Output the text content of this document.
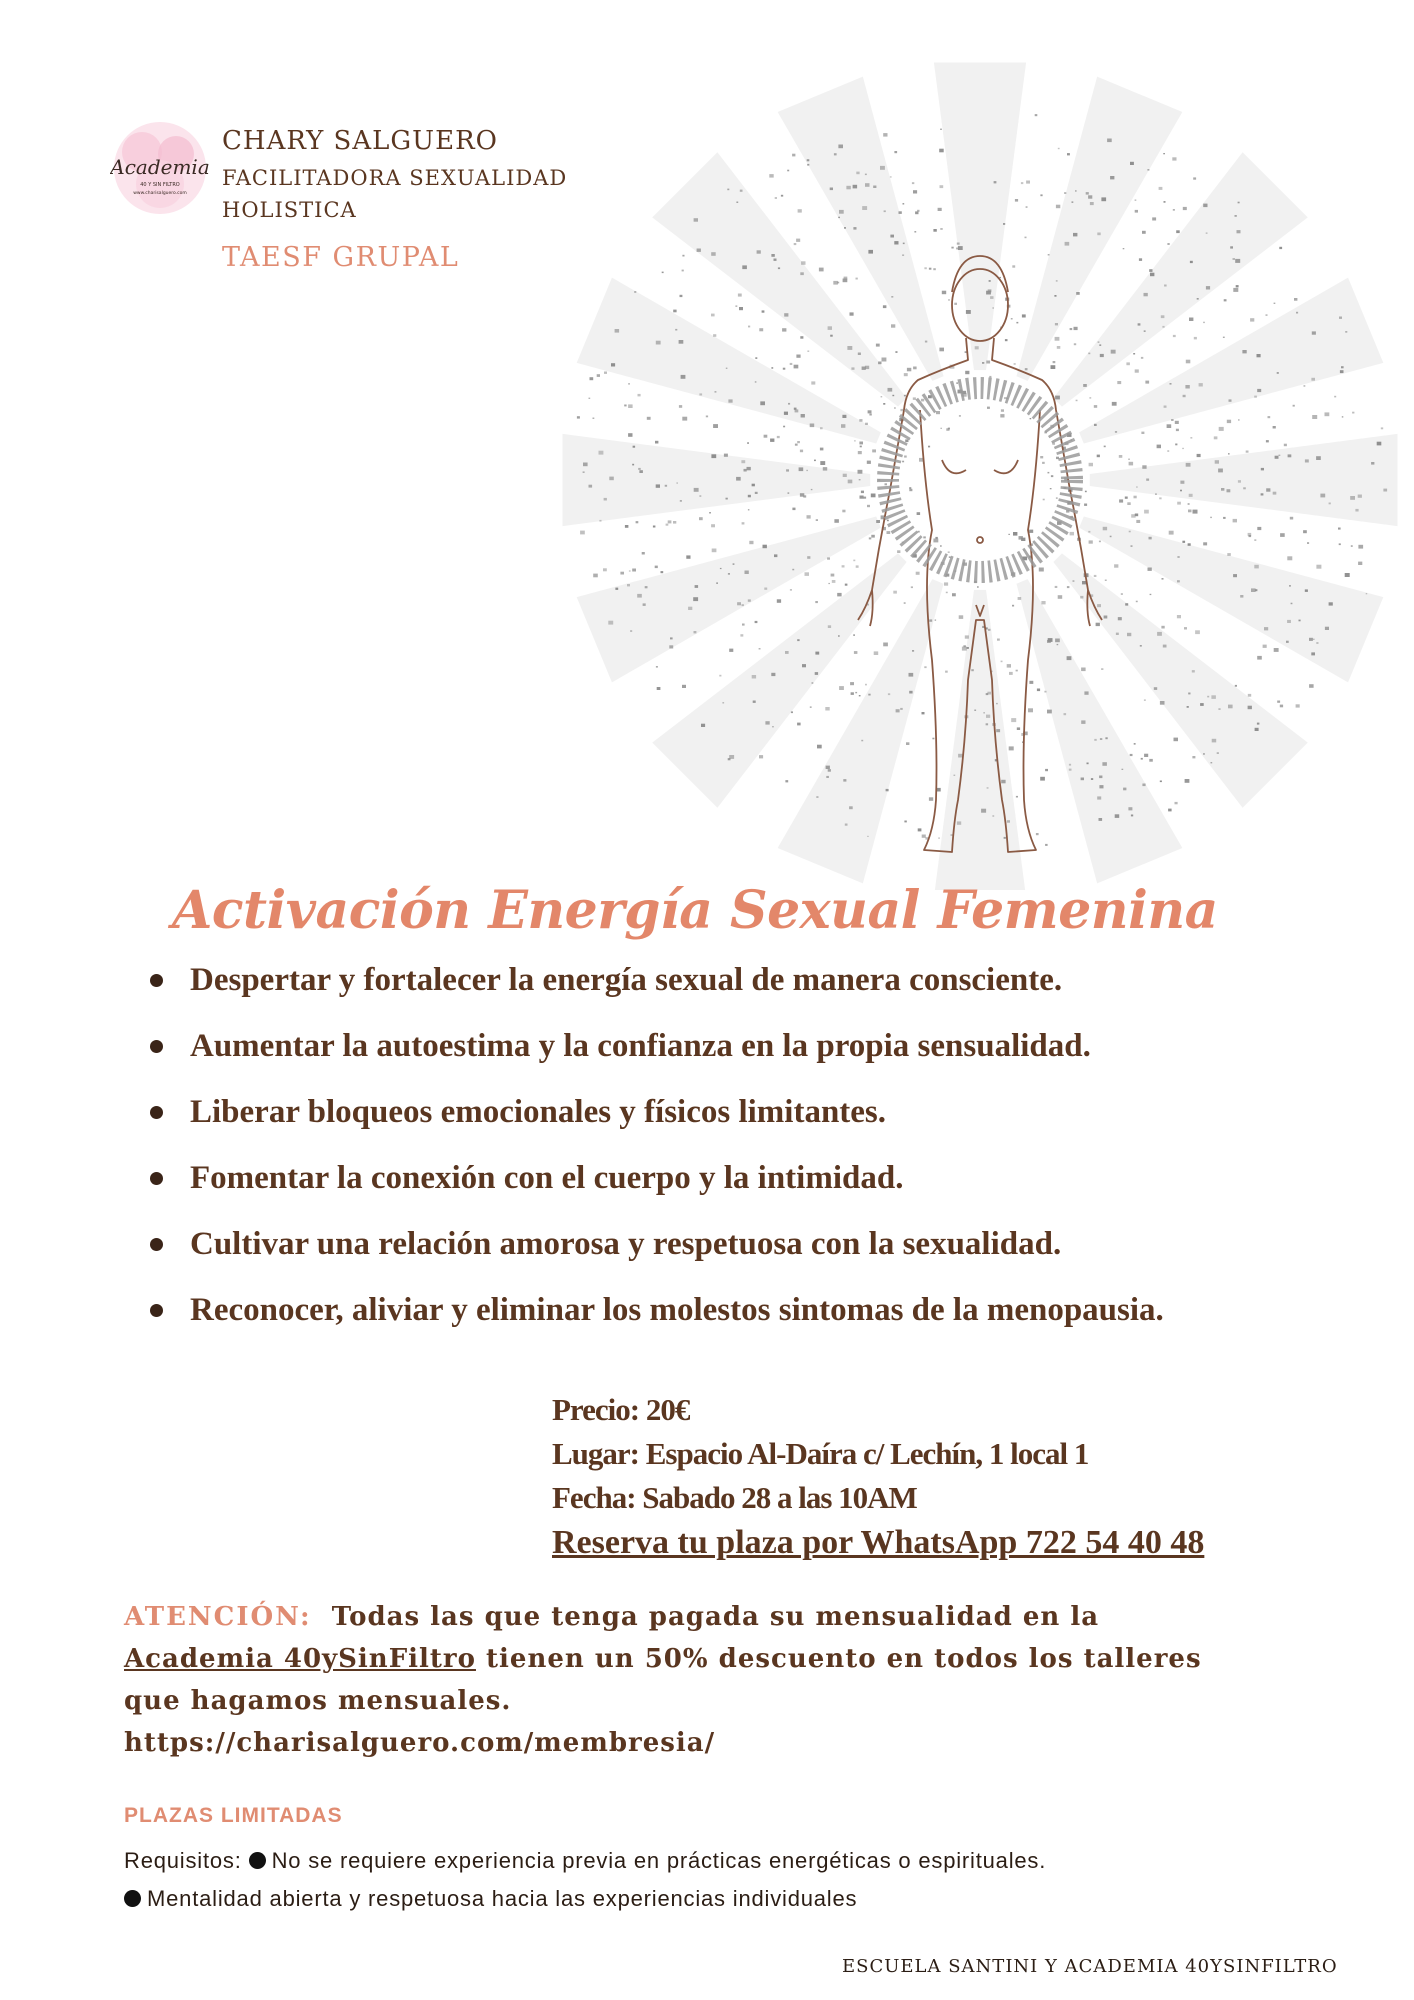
Academia
40 Y SIN FILTRO
www.charisalguero.com
CHARY SALGUERO
FACILITADORA SEXUALIDAD
HOLISTICA
TAESF GRUPAL
Activación Energía Sexual Femenina
Despertar y fortalecer la energía sexual de manera consciente.
Aumentar la autoestima y la confianza en la propia sensualidad.
Liberar bloqueos emocionales y físicos limitantes.
Fomentar la conexión con el cuerpo y la intimidad.
Cultivar una relación amorosa y respetuosa con la sexualidad.
Reconocer, aliviar y eliminar los molestos sintomas de la menopausia.
Precio: 20€
Lugar: Espacio Al-Daíra c/ Lechín, 1 local 1
Fecha: Sabado 28 a las 10AM
Reserva tu plaza por WhatsApp 722 54 40 48
ATENCIÓN: Todas las que tenga pagada su mensualidad en la Academia 40ySinFiltro tienen un 50% descuento en todos los talleres que hagamos mensuales.
https://charisalguero.com/membresia/
PLAZAS LIMITADAS
Requisitos: No se requiere experiencia previa en prácticas energéticas o espirituales.
Mentalidad abierta y respetuosa hacia las experiencias individuales
ESCUELA SANTINI Y ACADEMIA 40YSINFILTRO
